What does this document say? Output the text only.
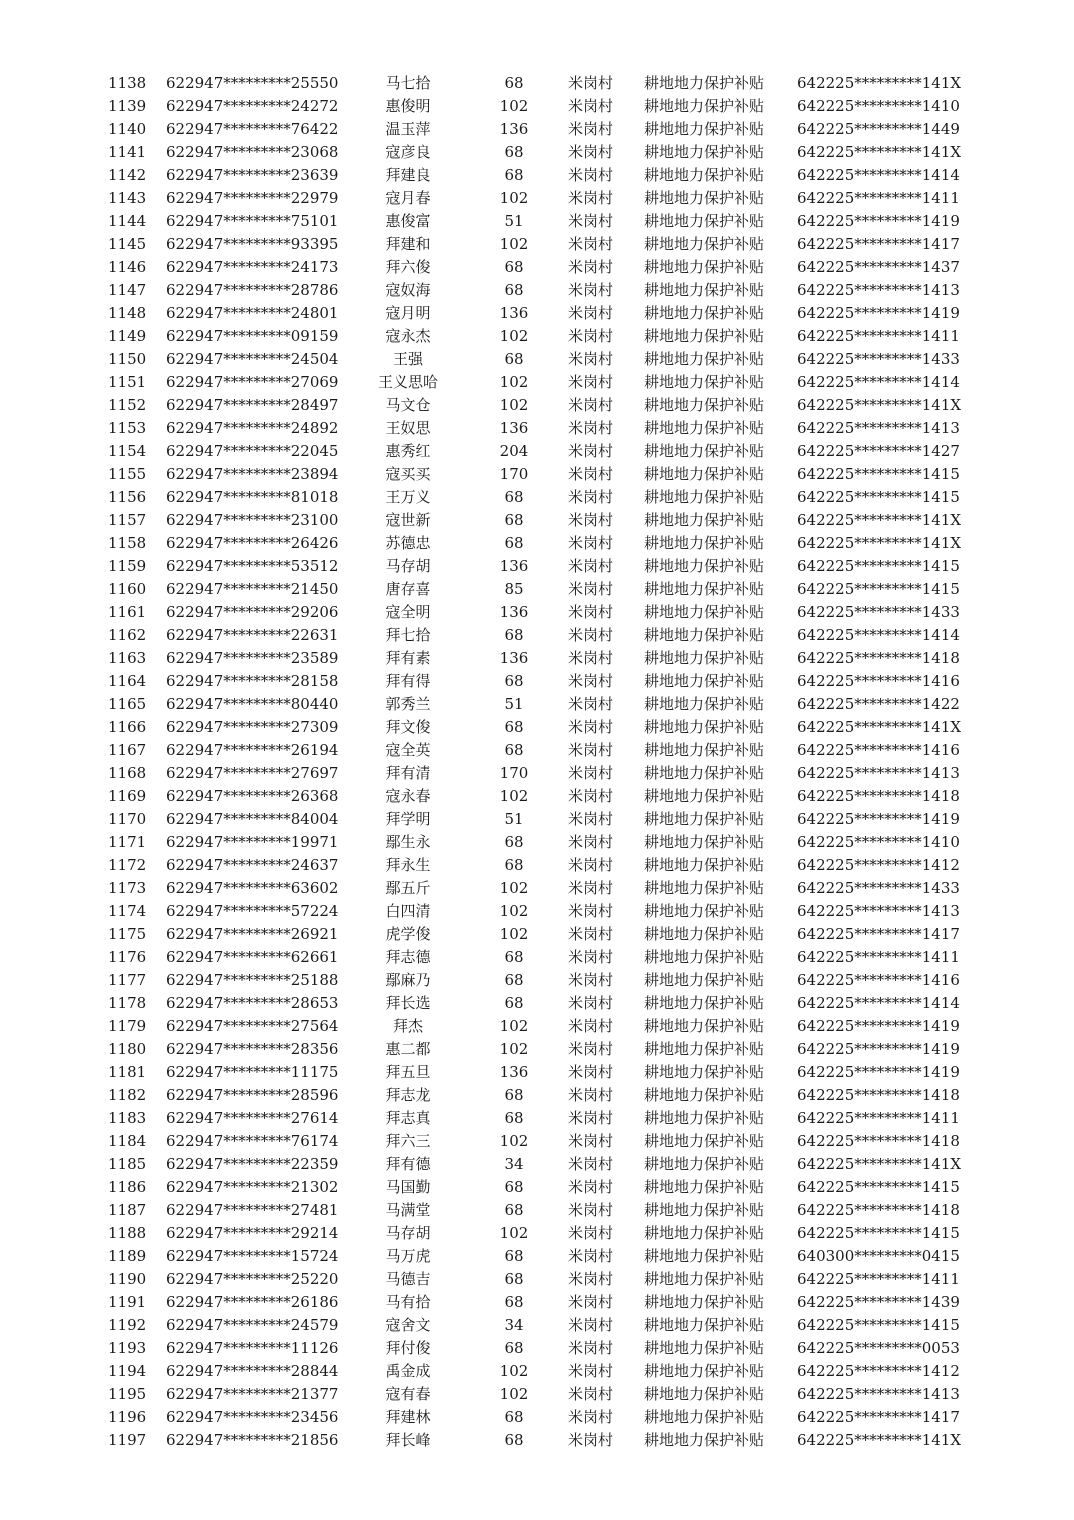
1138 622947*********25550	马七拾	68	米岗村	耕地地力保护补贴	642225*********141X
1139 622947*********24272	惠俊明	102	米岗村	耕地地力保护补贴	642225*********1410
1140 622947*********76422	温玉萍	136	米岗村	耕地地力保护补贴	642225*********1449
1141 622947*********23068	寇彦良	68	米岗村	耕地地力保护补贴	642225*********141X
1142 622947*********23639	拜建良	68	米岗村	耕地地力保护补贴	642225*********1414
1143 622947*********22979	寇月春	102	米岗村	耕地地力保护补贴	642225*********1411
1144 622947*********75101	惠俊富	51	米岗村	耕地地力保护补贴	642225*********1419
1145 622947*********93395	拜建和	102	米岗村	耕地地力保护补贴	642225*********1417
1146 622947*********24173	拜六俊	68	米岗村	耕地地力保护补贴	642225*********1437
1147 622947*********28786	寇奴海	68	米岗村	耕地地力保护补贴	642225*********1413
1148 622947*********24801	寇月明	136	米岗村	耕地地力保护补贴	642225*********1419
1149 622947*********09159	寇永杰	102	米岗村	耕地地力保护补贴	642225*********1411
1150 622947*********24504	王强	68	米岗村	耕地地力保护补贴	642225*********1433
1151 622947*********27069	王义思哈	102	米岗村	耕地地力保护补贴	642225*********1414
1152 622947*********28497	马文仓	102	米岗村	耕地地力保护补贴	642225*********141X
1153 622947*********24892	王奴思	136	米岗村	耕地地力保护补贴	642225*********1413
1154 622947*********22045	惠秀红	204	米岗村	耕地地力保护补贴	642225*********1427
1155 622947*********23894	寇买买	170	米岗村	耕地地力保护补贴	642225*********1415
1156 622947*********81018	王万义	68	米岗村	耕地地力保护补贴	642225*********1415
1157 622947*********23100	寇世新	68	米岗村	耕地地力保护补贴	642225*********141X
1158 622947*********26426	苏德忠	68	米岗村	耕地地力保护补贴	642225*********141X
1159 622947*********53512	马存胡	136	米岗村	耕地地力保护补贴	642225*********1415
1160 622947*********21450	唐存喜	85	米岗村	耕地地力保护补贴	642225*********1415
1161 622947*********29206	寇全明	136	米岗村	耕地地力保护补贴	642225*********1433
1162 622947*********22631	拜七拾	68	米岗村	耕地地力保护补贴	642225*********1414
1163 622947*********23589	拜有素	136	米岗村	耕地地力保护补贴	642225*********1418
1164 622947*********28158	拜有得	68	米岗村	耕地地力保护补贴	642225*********1416
1165 622947*********80440	郭秀兰	51	米岗村	耕地地力保护补贴	642225*********1422
1166 622947*********27309	拜文俊	68	米岗村	耕地地力保护补贴	642225*********141X
1167 622947*********26194	寇全英	68	米岗村	耕地地力保护补贴	642225*********1416
1168 622947*********27697	拜有清	170	米岗村	耕地地力保护补贴	642225*********1413
1169 622947*********26368	寇永春	102	米岗村	耕地地力保护补贴	642225*********1418
1170 622947*********84004	拜学明	51	米岗村	耕地地力保护补贴	642225*********1419
1171 622947*********19971	鄢生永	68	米岗村	耕地地力保护补贴	642225*********1410
1172 622947*********24637	拜永生	68	米岗村	耕地地力保护补贴	642225*********1412
1173 622947*********63602	鄢五斤	102	米岗村	耕地地力保护补贴	642225*********1433
1174 622947*********57224	白四清	102	米岗村	耕地地力保护补贴	642225*********1413
1175 622947*********26921	虎学俊	102	米岗村	耕地地力保护补贴	642225*********1417
1176 622947*********62661	拜志德	68	米岗村	耕地地力保护补贴	642225*********1411
1177 622947*********25188	鄢麻乃	68	米岗村	耕地地力保护补贴	642225*********1416
1178 622947*********28653	拜长选	68	米岗村	耕地地力保护补贴	642225*********1414
1179 622947*********27564	拜杰	102	米岗村	耕地地力保护补贴	642225*********1419
1180 622947*********28356	惠二都	102	米岗村	耕地地力保护补贴	642225*********1419
1181 622947*********11175	拜五旦	136	米岗村	耕地地力保护补贴	642225*********1419
1182 622947*********28596	拜志龙	68	米岗村	耕地地力保护补贴	642225*********1418
1183 622947*********27614	拜志真	68	米岗村	耕地地力保护补贴	642225*********1411
1184 622947*********76174	拜六三	102	米岗村	耕地地力保护补贴	642225*********1418
1185 622947*********22359	拜有德	34	米岗村	耕地地力保护补贴	642225*********141X
1186 622947*********21302	马国勤	68	米岗村	耕地地力保护补贴	642225*********1415
1187 622947*********27481	马满堂	68	米岗村	耕地地力保护补贴	642225*********1418
1188 622947*********29214	马存胡	102	米岗村	耕地地力保护补贴	642225*********1415
1189 622947*********15724	马万虎	68	米岗村	耕地地力保护补贴	640300*********0415
1190 622947*********25220	马德吉	68	米岗村	耕地地力保护补贴	642225*********1411
1191 622947*********26186	马有拾	68	米岗村	耕地地力保护补贴	642225*********1439
1192 622947*********24579	寇舍文	34	米岗村	耕地地力保护补贴	642225*********1415
1193 622947*********11126	拜付俊	68	米岗村	耕地地力保护补贴	642225*********0053
1194 622947*********28844	禹金成	102	米岗村	耕地地力保护补贴	642225*********1412
1195 622947*********21377	寇有春	102	米岗村	耕地地力保护补贴	642225*********1413
1196 622947*********23456	拜建林	68	米岗村	耕地地力保护补贴	642225*********1417
1197 622947*********21856	拜长峰	68	米岗村	耕地地力保护补贴	642225*********141X
